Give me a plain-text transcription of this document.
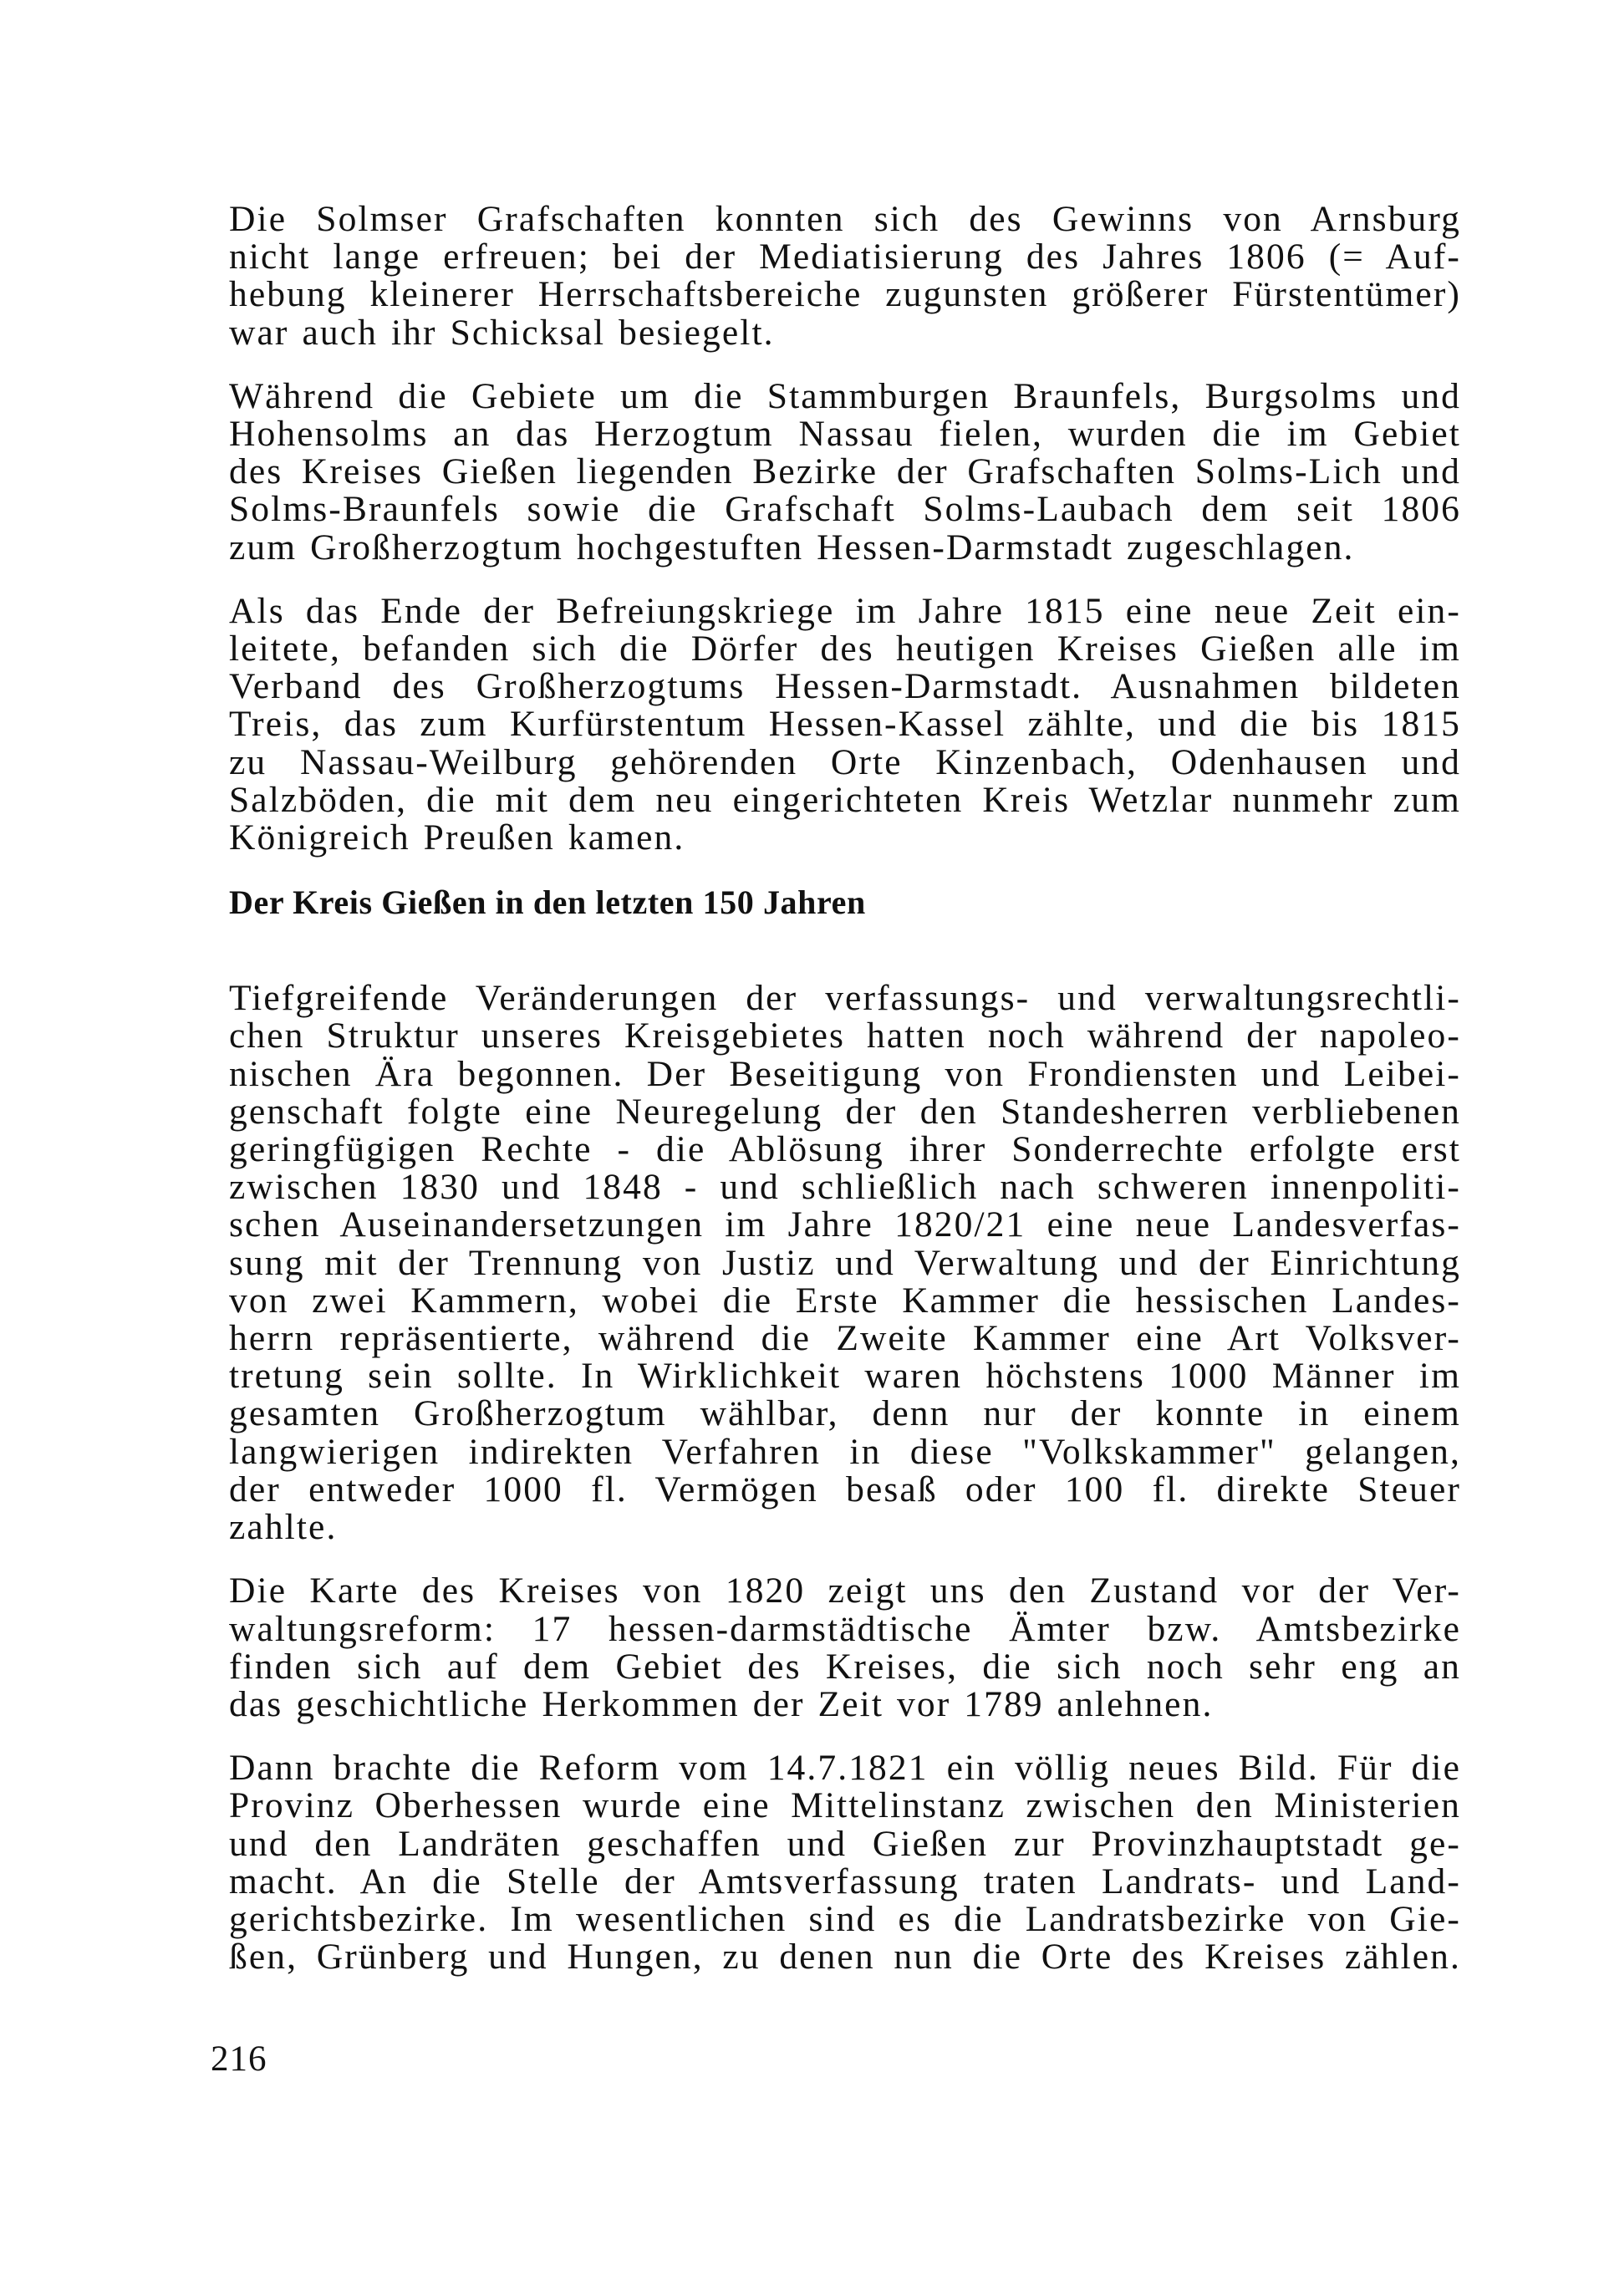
Die Solmser Grafschaften konnten sich des Gewinns von Arnsburg
nicht lange erfreuen; bei der Mediatisierung des Jahres 1806 (= Auf-
hebung kleinerer Herrschaftsbereiche zugunsten größerer Fürstentümer)
war auch ihr Schicksal besiegelt.

Während die Gebiete um die Stammburgen Braunfels, Burgsolms und
Hohensolms an das Herzogtum Nassau fielen, wurden die im Gebiet
des Kreises Gießen liegenden Bezirke der Grafschaften Solms-Lich und
Solms-Braunfels sowie die Grafschaft Solms-Laubach dem seit 1806
zum Großherzogtum hochgestuften Hessen-Darmstadt zugeschlagen.

Als das Ende der Befreiungskriege im Jahre 1815 eine neue Zeit ein-
leitete, befanden sich die Dörfer des heutigen Kreises Gießen alle im
Verband des Großherzogtums Hessen-Darmstadt. Ausnahmen bildeten
Treis, das zum Kurfürstentum Hessen-Kassel zählte, und die bis 1815
zu Nassau-Weilburg gehörenden Orte Kinzenbach, Odenhausen und
Salzböden, die mit dem neu eingerichteten Kreis Wetzlar nunmehr zum
Königreich Preußen kamen.

Der Kreis Gießen in den letzten 150 Jahren

Tiefgreifende Veränderungen der verfassungs- und verwaltungsrechtli-
chen Struktur unseres Kreisgebietes hatten noch während der napoleo-
nischen Ära begonnen. Der Beseitigung von Frondiensten und Leibei-
genschaft folgte eine Neuregelung der den Standesherren verbliebenen
geringfügigen Rechte - die Ablösung ihrer Sonderrechte erfolgte erst
zwischen 1830 und 1848 - und schließlich nach schweren innenpoliti-
schen Auseinandersetzungen im Jahre 1820/21 eine neue Landesverfas-
sung mit der Trennung von Justiz und Verwaltung und der Einrichtung
von zwei Kammern, wobei die Erste Kammer die hessischen Landes-
herrn repräsentierte, während die Zweite Kammer eine Art Volksver-
tretung sein sollte. In Wirklichkeit waren höchstens 1000 Männer im
gesamten Großherzogtum wählbar, denn nur der konnte in einem
langwierigen indirekten Verfahren in diese "Volkskammer" gelangen,
der entweder 1000 fl. Vermögen besaß oder 100 fl. direkte Steuer
zahlte.

Die Karte des Kreises von 1820 zeigt uns den Zustand vor der Ver-
waltungsreform: 17 hessen-darmstädtische Ämter bzw. Amtsbezirke
finden sich auf dem Gebiet des Kreises, die sich noch sehr eng an
das geschichtliche Herkommen der Zeit vor 1789 anlehnen.

Dann brachte die Reform vom 14.7.1821 ein völlig neues Bild. Für die
Provinz Oberhessen wurde eine Mittelinstanz zwischen den Ministerien
und den Landräten geschaffen und Gießen zur Provinzhauptstadt ge-
macht. An die Stelle der Amtsverfassung traten Landrats- und Land-
gerichtsbezirke. Im wesentlichen sind es die Landratsbezirke von Gie-
ßen, Grünberg und Hungen, zu denen nun die Orte des Kreises zählen.

216
